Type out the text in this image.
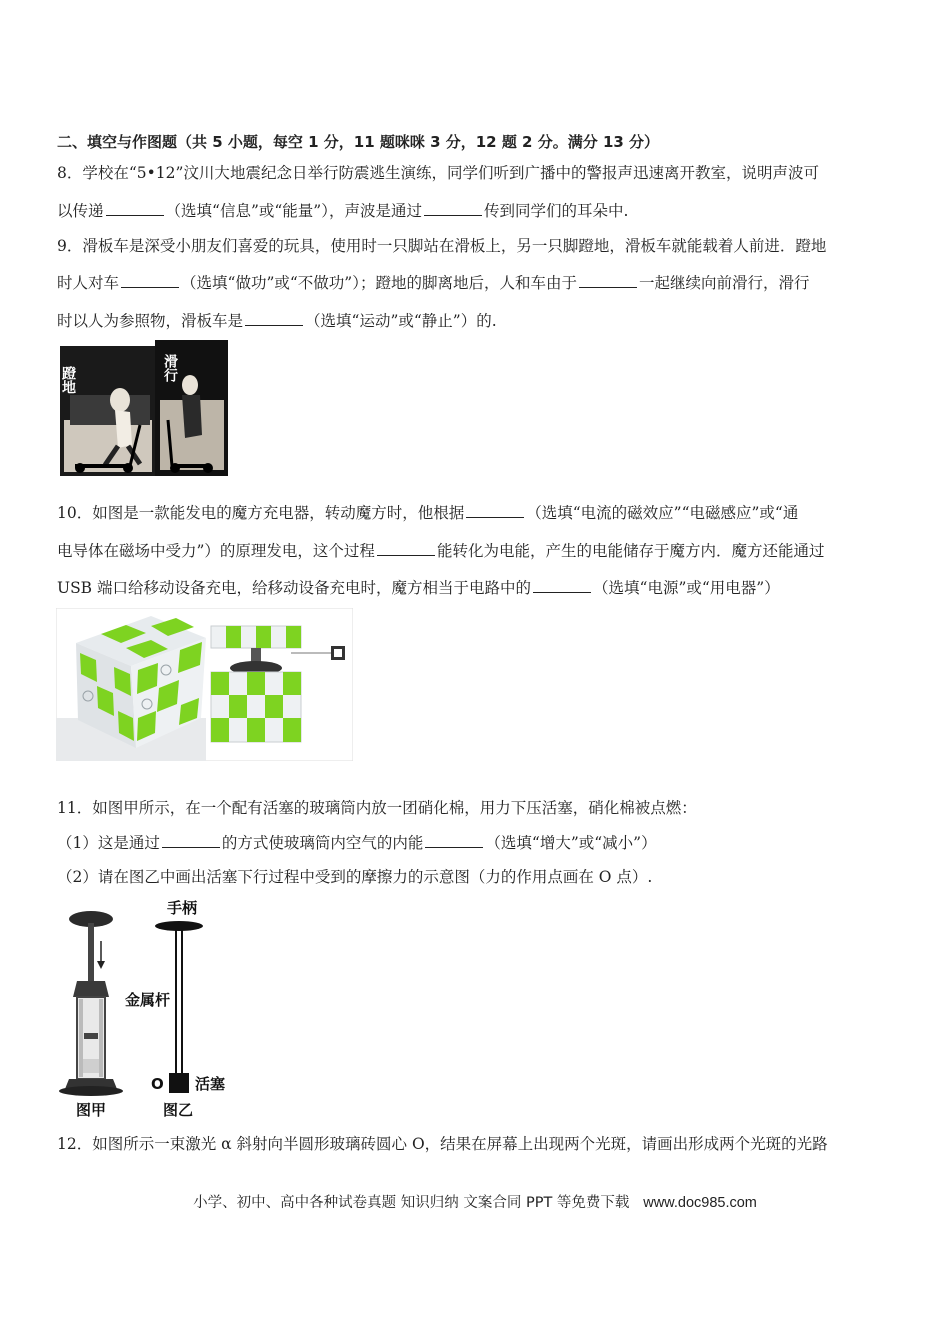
二、填空与作图题（共 5 小题，每空 1 分，11 题咪咪 3 分，12 题 2 分。满分 13 分）
8．学校在“5•12”汶川大地震纪念日举行防震逃生演练，同学们听到广播中的警报声迅速离开教室，说明声波可
以传递	（选填“信息”或“能量”），声波是通过	传到同学们的耳朵中.
9．滑板车是深受小朋友们喜爱的玩具，使用时一只脚站在滑板上，另一只脚蹬地，滑板车就能载着人前进．蹬地
时人对车	（选填“做功”或“不做功”）；蹬地的脚离地后，人和车由于	一起继续向前滑行，滑行
时以人为参照物，滑板车是	（选填“运动”或“静止”）的.
蹬地	滑行
10．如图是一款能发电的魔方充电器，转动魔方时，他根据	（选填“电流的磁效应”“电磁感应”或“通
电导体在磁场中受力”）的原理发电，这个过程	能转化为电能，产生的电能储存于魔方内．魔方还能通过
USB 端口给移动设备充电，给移动设备充电时，魔方相当于电路中的	（选填“电源”或“用电器”）
11．如图甲所示，在一个配有活塞的玻璃筒内放一团硝化棉，用力下压活塞，硝化棉被点燃：
（1）这是通过	的方式使玻璃筒内空气的内能	（选填“增大”或“减小”）
（2）请在图乙中画出活塞下行过程中受到的摩擦力的示意图（力的作用点画在 O 点）.
图甲
手柄
金属杆
O 活塞
图乙
12．如图所示一束激光 α 斜射向半圆形玻璃砖圆心 O，结果在屏幕上出现两个光斑，请画出形成两个光斑的光路
小学、初中、高中各种试卷真题 知识归纳 文案合同 PPT 等免费下载 www.doc985.com
